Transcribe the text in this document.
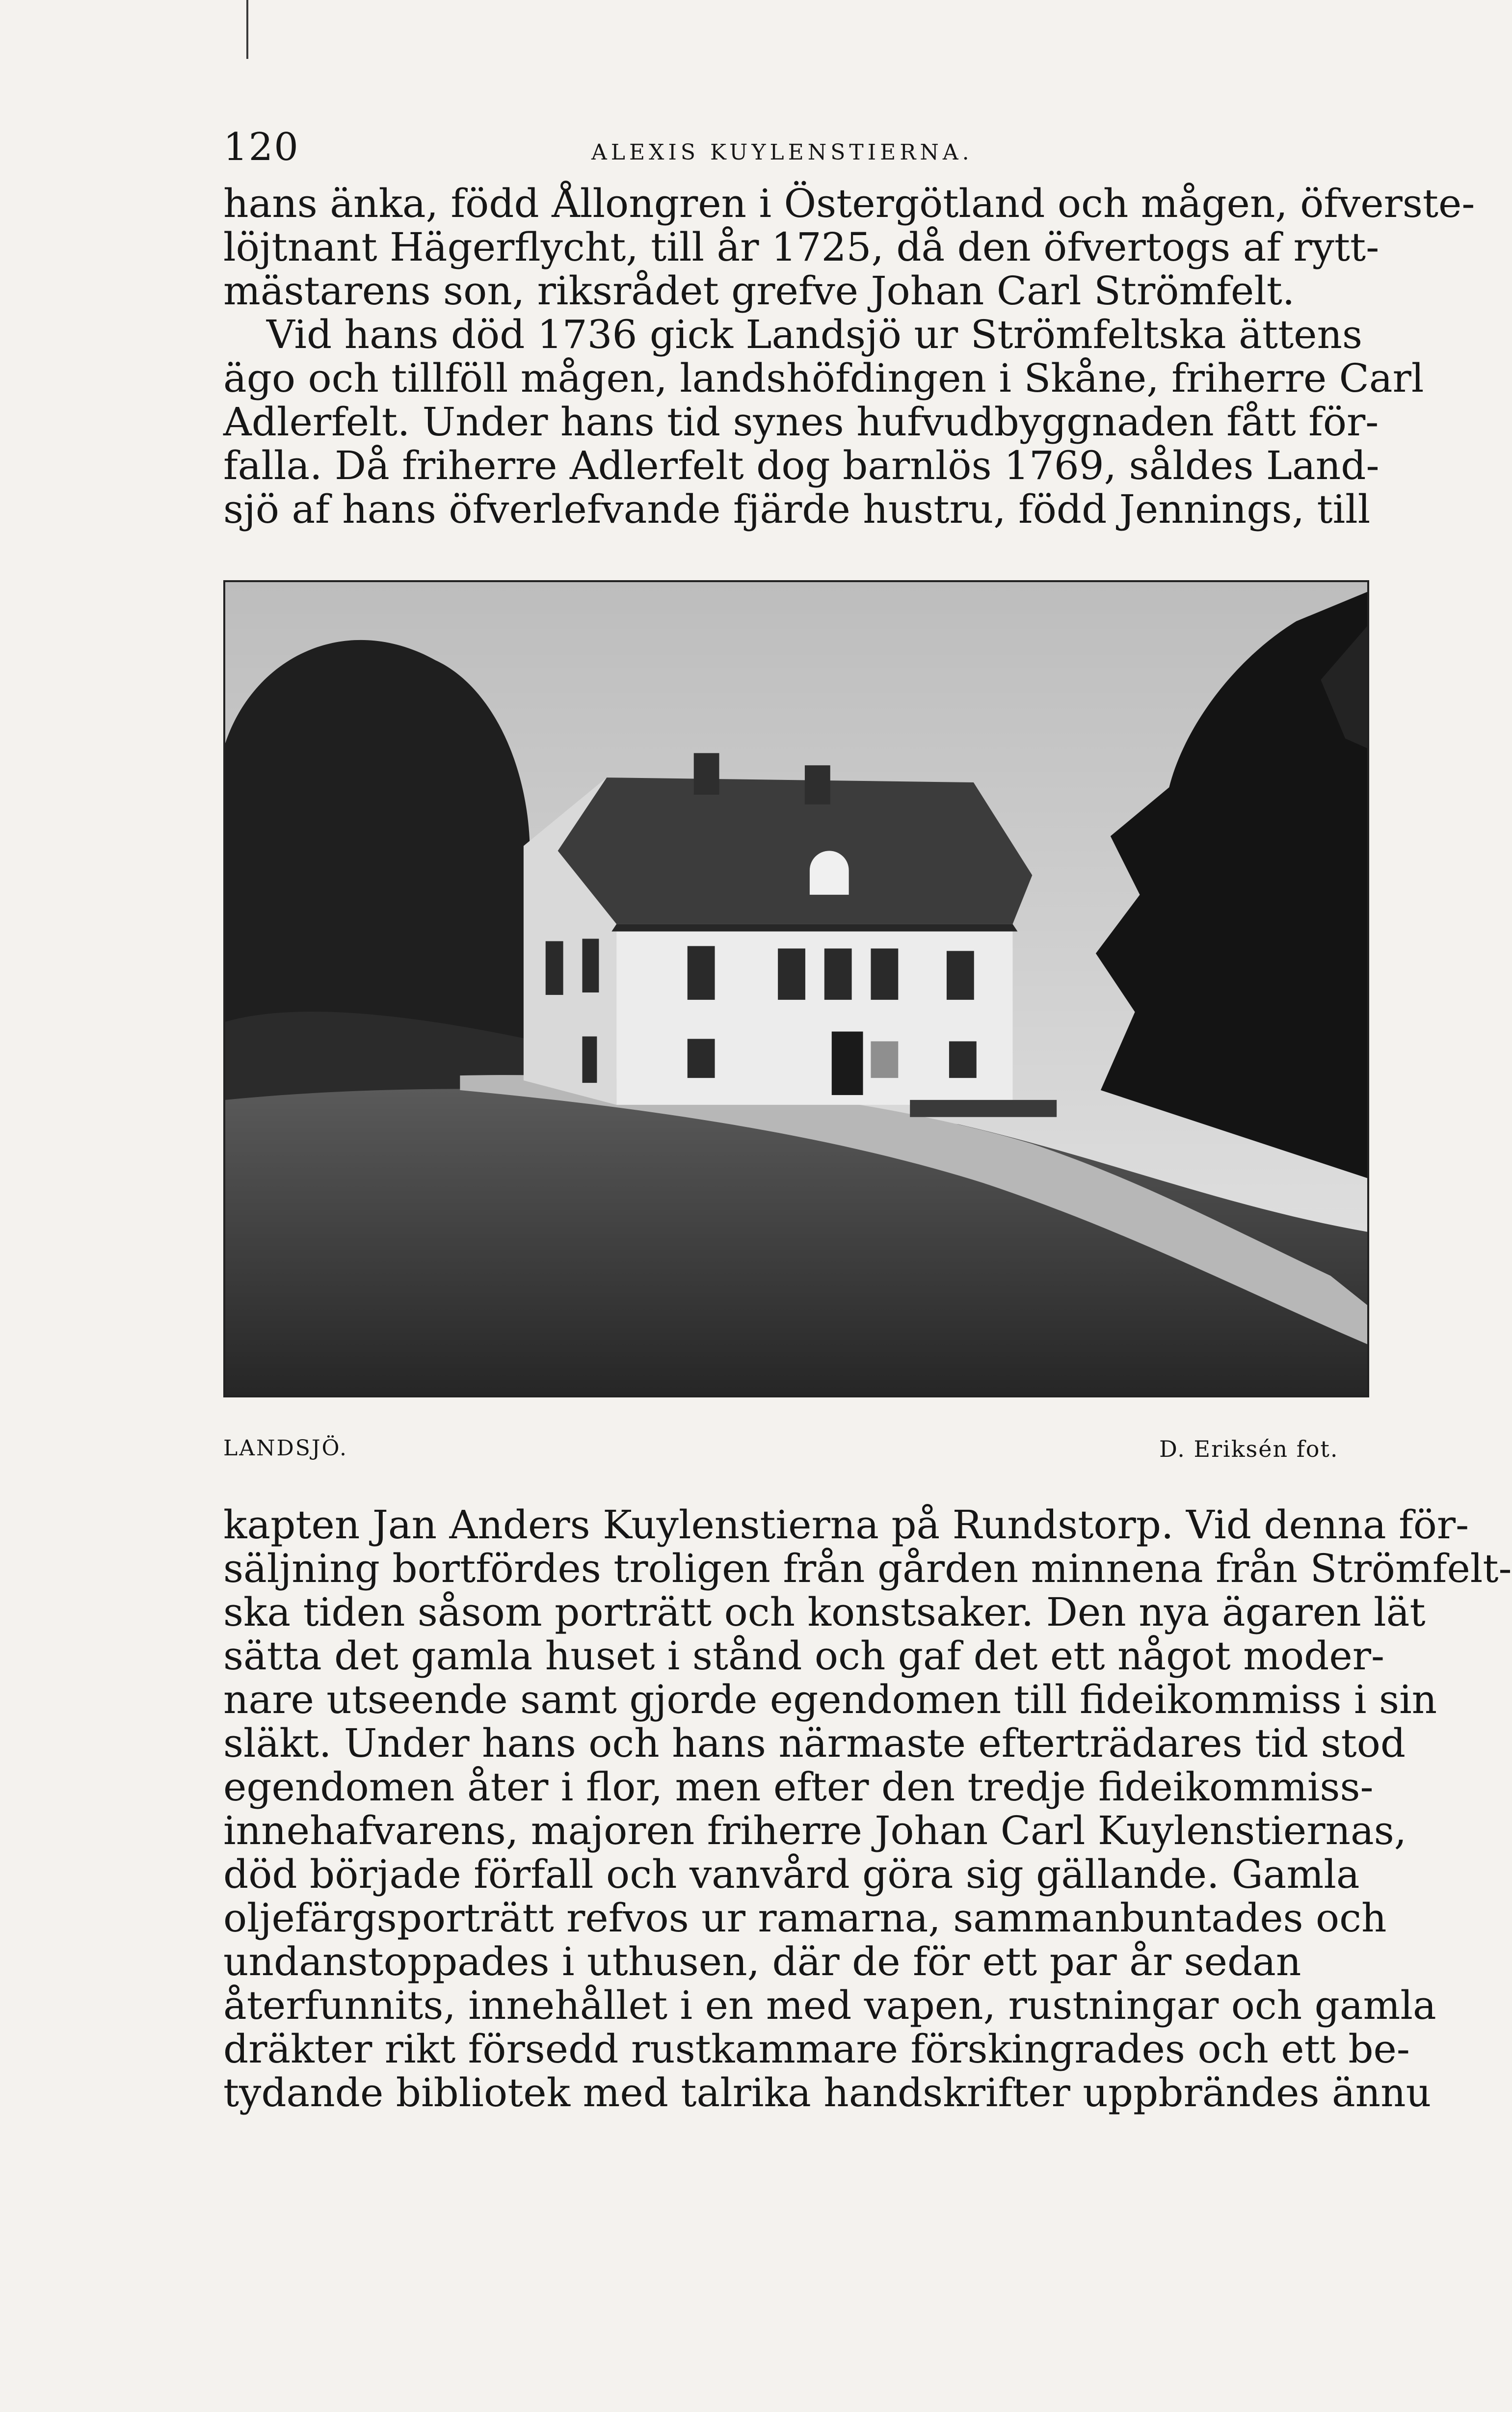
120	ALEXIS KUYLENSTIERNA.

hans änka, född Ållongren i Östergötland och mågen, öfverste-
löjtnant Hägerflycht, till år 1725, då den öfvertogs af rytt-
mästarens son, riksrådet grefve Johan Carl Strömfelt.
Vid hans död 1736 gick Landsjö ur Strömfeltska ättens
ägo och tillföll mågen, landshöfdingen i Skåne, friherre Carl
Adlerfelt. Under hans tid synes hufvudbyggnaden fått för-
falla. Då friherre Adlerfelt dog barnlös 1769, såldes Land-
sjö af hans öfverlefvande fjärde hustru, född Jennings, till

LANDSJÖ.	D. Eriksén fot.

kapten Jan Anders Kuylenstierna på Rundstorp. Vid denna för-
säljning bortfördes troligen från gården minnena från Strömfelt-
ska tiden såsom porträtt och konstsaker. Den nya ägaren lät
sätta det gamla huset i stånd och gaf det ett något moder-
nare utseende samt gjorde egendomen till fideikommiss i sin
släkt. Under hans och hans närmaste efterträdares tid stod
egendomen åter i flor, men efter den tredje fideikommiss-
innehafvarens, majoren friherre Johan Carl Kuylenstiernas,
död började förfall och vanvård göra sig gällande. Gamla
oljefärgsporträtt refvos ur ramarna, sammanbuntades och
undanstoppades i uthusen, där de för ett par år sedan
återfunnits, innehållet i en med vapen, rustningar och gamla
dräkter rikt försedd rustkammare förskingrades och ett be-
tydande bibliotek med talrika handskrifter uppbrändes ännu
